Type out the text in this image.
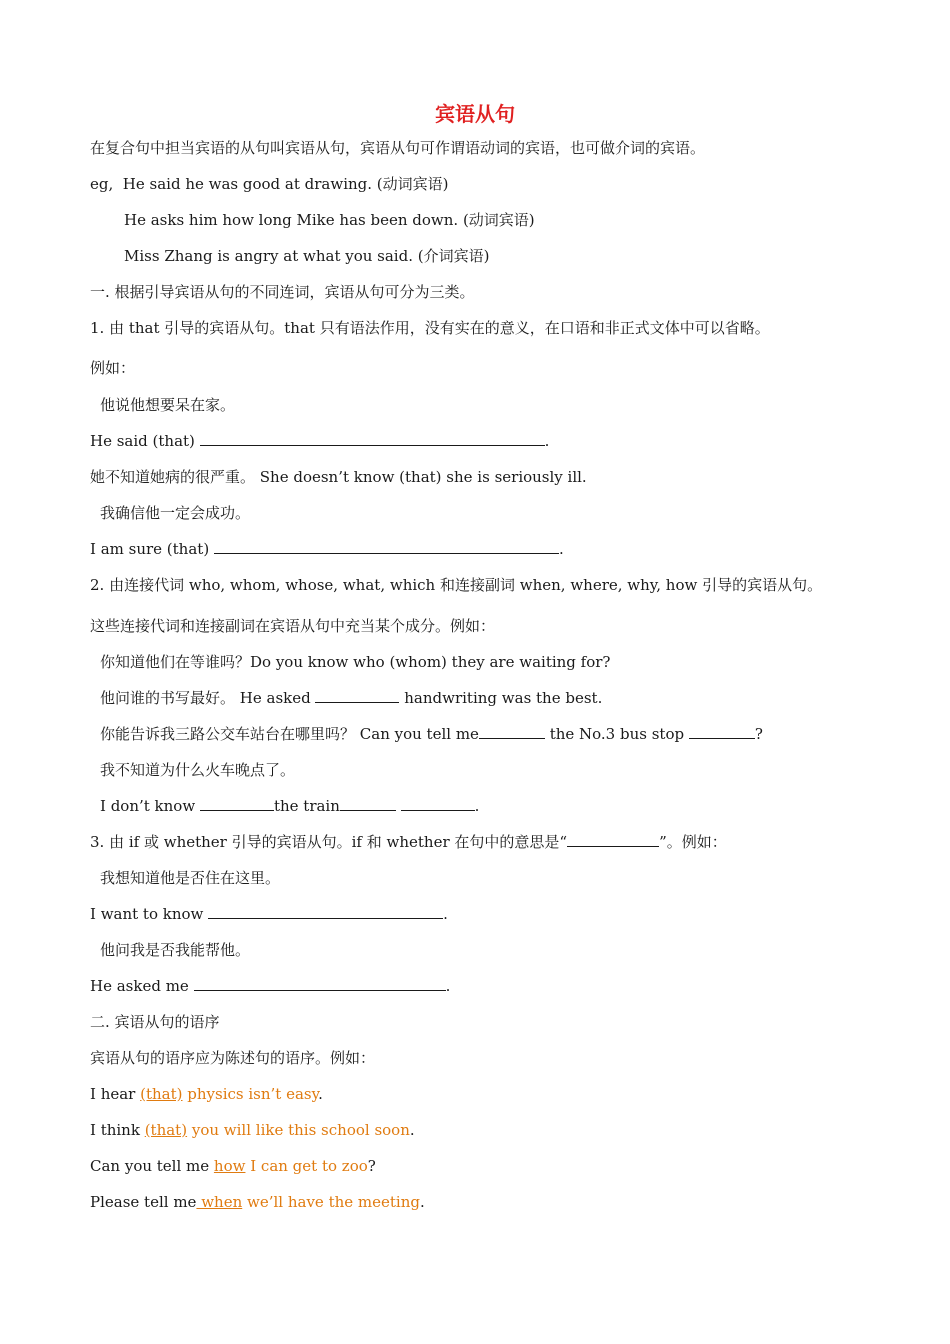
宾语从句
在复合句中担当宾语的从句叫宾语从句，宾语从句可作谓语动词的宾语，也可做介词的宾语。
eg,  He said he was good at drawing. (动词宾语)
He asks him how long Mike has been down. (动词宾语)
Miss Zhang is angry at what you said. (介词宾语)
一. 根据引导宾语从句的不同连词，宾语从句可分为三类。
1. 由 that 引导的宾语从句。that 只有语法作用，没有实在的意义，在口语和非正式文体中可以省略。
例如：
他说他想要呆在家。
He said (that)	.
她不知道她病的很严重。 She doesn’t know (that) she is seriously ill.
我确信他一定会成功。
I am sure (that)	.
2. 由连接代词 who, whom, whose, what, which 和连接副词 when, where, why, how 引导的宾语从句。
这些连接代词和连接副词在宾语从句中充当某个成分。例如：
你知道他们在等谁吗？Do you know who (whom) they are waiting for?
他问谁的书写最好。 He asked	handwriting was the best.
你能告诉我三路公交车站台在哪里吗？ Can you tell me	the No.3 bus stop	?
我不知道为什么火车晚点了。
I don’t know	the train	.
3. 由 if 或 whether 引导的宾语从句。if 和 whether 在句中的意思是“	”。例如：
我想知道他是否住在这里。
I want to know	.
他问我是否我能帮他。
He asked me	.
二. 宾语从句的语序
宾语从句的语序应为陈述句的语序。例如：
I hear (that) physics isn’t easy.
I think (that) you will like this school soon.
Can you tell me how I can get to zoo?
Please tell me when we’ll have the meeting.
